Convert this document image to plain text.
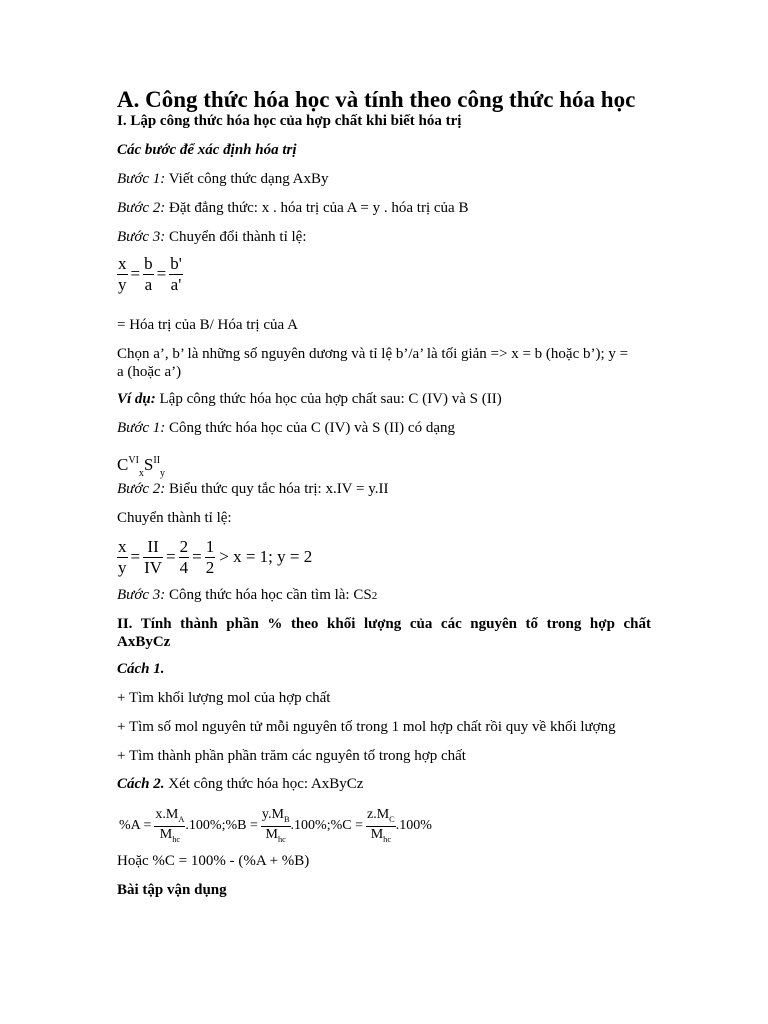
A. Công thức hóa học và tính theo công thức hóa học
I. Lập công thức hóa học của hợp chất khi biết hóa trị
Các bước để xác định hóa trị
Bước 1: Viết công thức dạng AxBy
Bước 2: Đặt đẳng thức: x . hóa trị của A = y . hóa trị của B
Bước 3: Chuyển đổi thành tỉ lệ:
$\frac{x}{y} = \frac{b}{a} = \frac{b'}{a'}$
= Hóa trị của B/ Hóa trị của A
Chọn a’, b’ là những số nguyên dương và tỉ lệ b’/a’ là tối giản => x = b (hoặc b’); y =
a (hoặc a’)
Ví dụ: Lập công thức hóa học của hợp chất sau: C (IV) và S (II)
Bước 1: Công thức hóa học của C (IV) và S (II) có dạng
$C^{VI}_xS^{II}_y$
Bước 2: Biểu thức quy tắc hóa trị: x.IV = y.II
Chuyển thành tỉ lệ:
$\frac{x}{y} = \frac{II}{IV} = \frac{2}{4} = \frac{1}{2} > x = 1$; y = 2
Bước 3: Công thức hóa học cần tìm là: CS2
II. Tính thành phần % theo khối lượng của các nguyên tố trong hợp chất
AxByCz
Cách 1.
+ Tìm khối lượng mol của hợp chất
+ Tìm số mol nguyên tử mỗi nguyên tố trong 1 mol hợp chất rồi quy về khối lượng
+ Tìm thành phần phần trăm các nguyên tố trong hợp chất
Cách 2. Xét công thức hóa học: AxByCz
$\%A = \frac{x.M_A}{M_{hc}}$ .100%;%B = $\frac{y.M_B}{M_{hc}}$ .100%;%C = $\frac{z.M_C}{M_{hc}} .100\%$
Hoặc %C = 100% - (%A + %B)
Bài tập vận dụng
